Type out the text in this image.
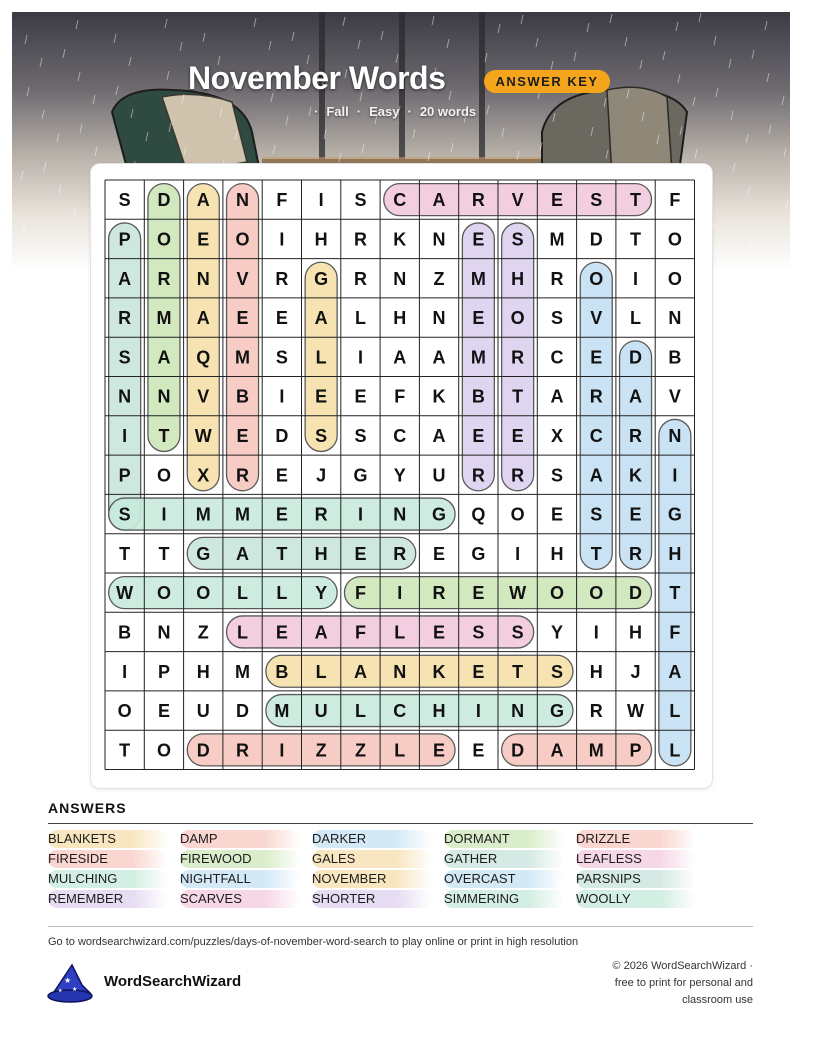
November Words	ANSWER KEY
· Fall · Easy · 20 words
S D A N F I S C A R V E S T F
P O E O I H R K N E S M D T O
A R N V R G R N Z M H R O I O
R M A E E A L H N E O S V L N
S A Q M S L I A A M R C E D B
N N V B I E E F K B T A R A V
I T W E D S S C A E E X C R N
P O X R E J G Y U R R S A K I
S I M M E R I N G Q O E S E G
T T G A T H E R E G I H T R H
W O O L L Y F I R E W O O D T
B N Z L E A F L E S S Y I H F
I P H M B L A N K E T S H J A
O E U D M U L C H I N G R W L
T O D R I Z Z L E E D A M P L
ANSWERS
BLANKETS	DAMP	DARKER	DORMANT	DRIZZLE
FIRESIDE	FIREWOOD	GALES	GATHER	LEAFLESS
MULCHING	NIGHTFALL	NOVEMBER	OVERCAST	PARSNIPS
REMEMBER	SCARVES	SHORTER	SIMMERING	WOOLLY
Go to wordsearchwizard.com/puzzles/days-of-november-word-search to play online or print in high resolution
★
★
★
WordSearchWizard
© 2026 WordSearchWizard ·
free to print for personal and
classroom use
